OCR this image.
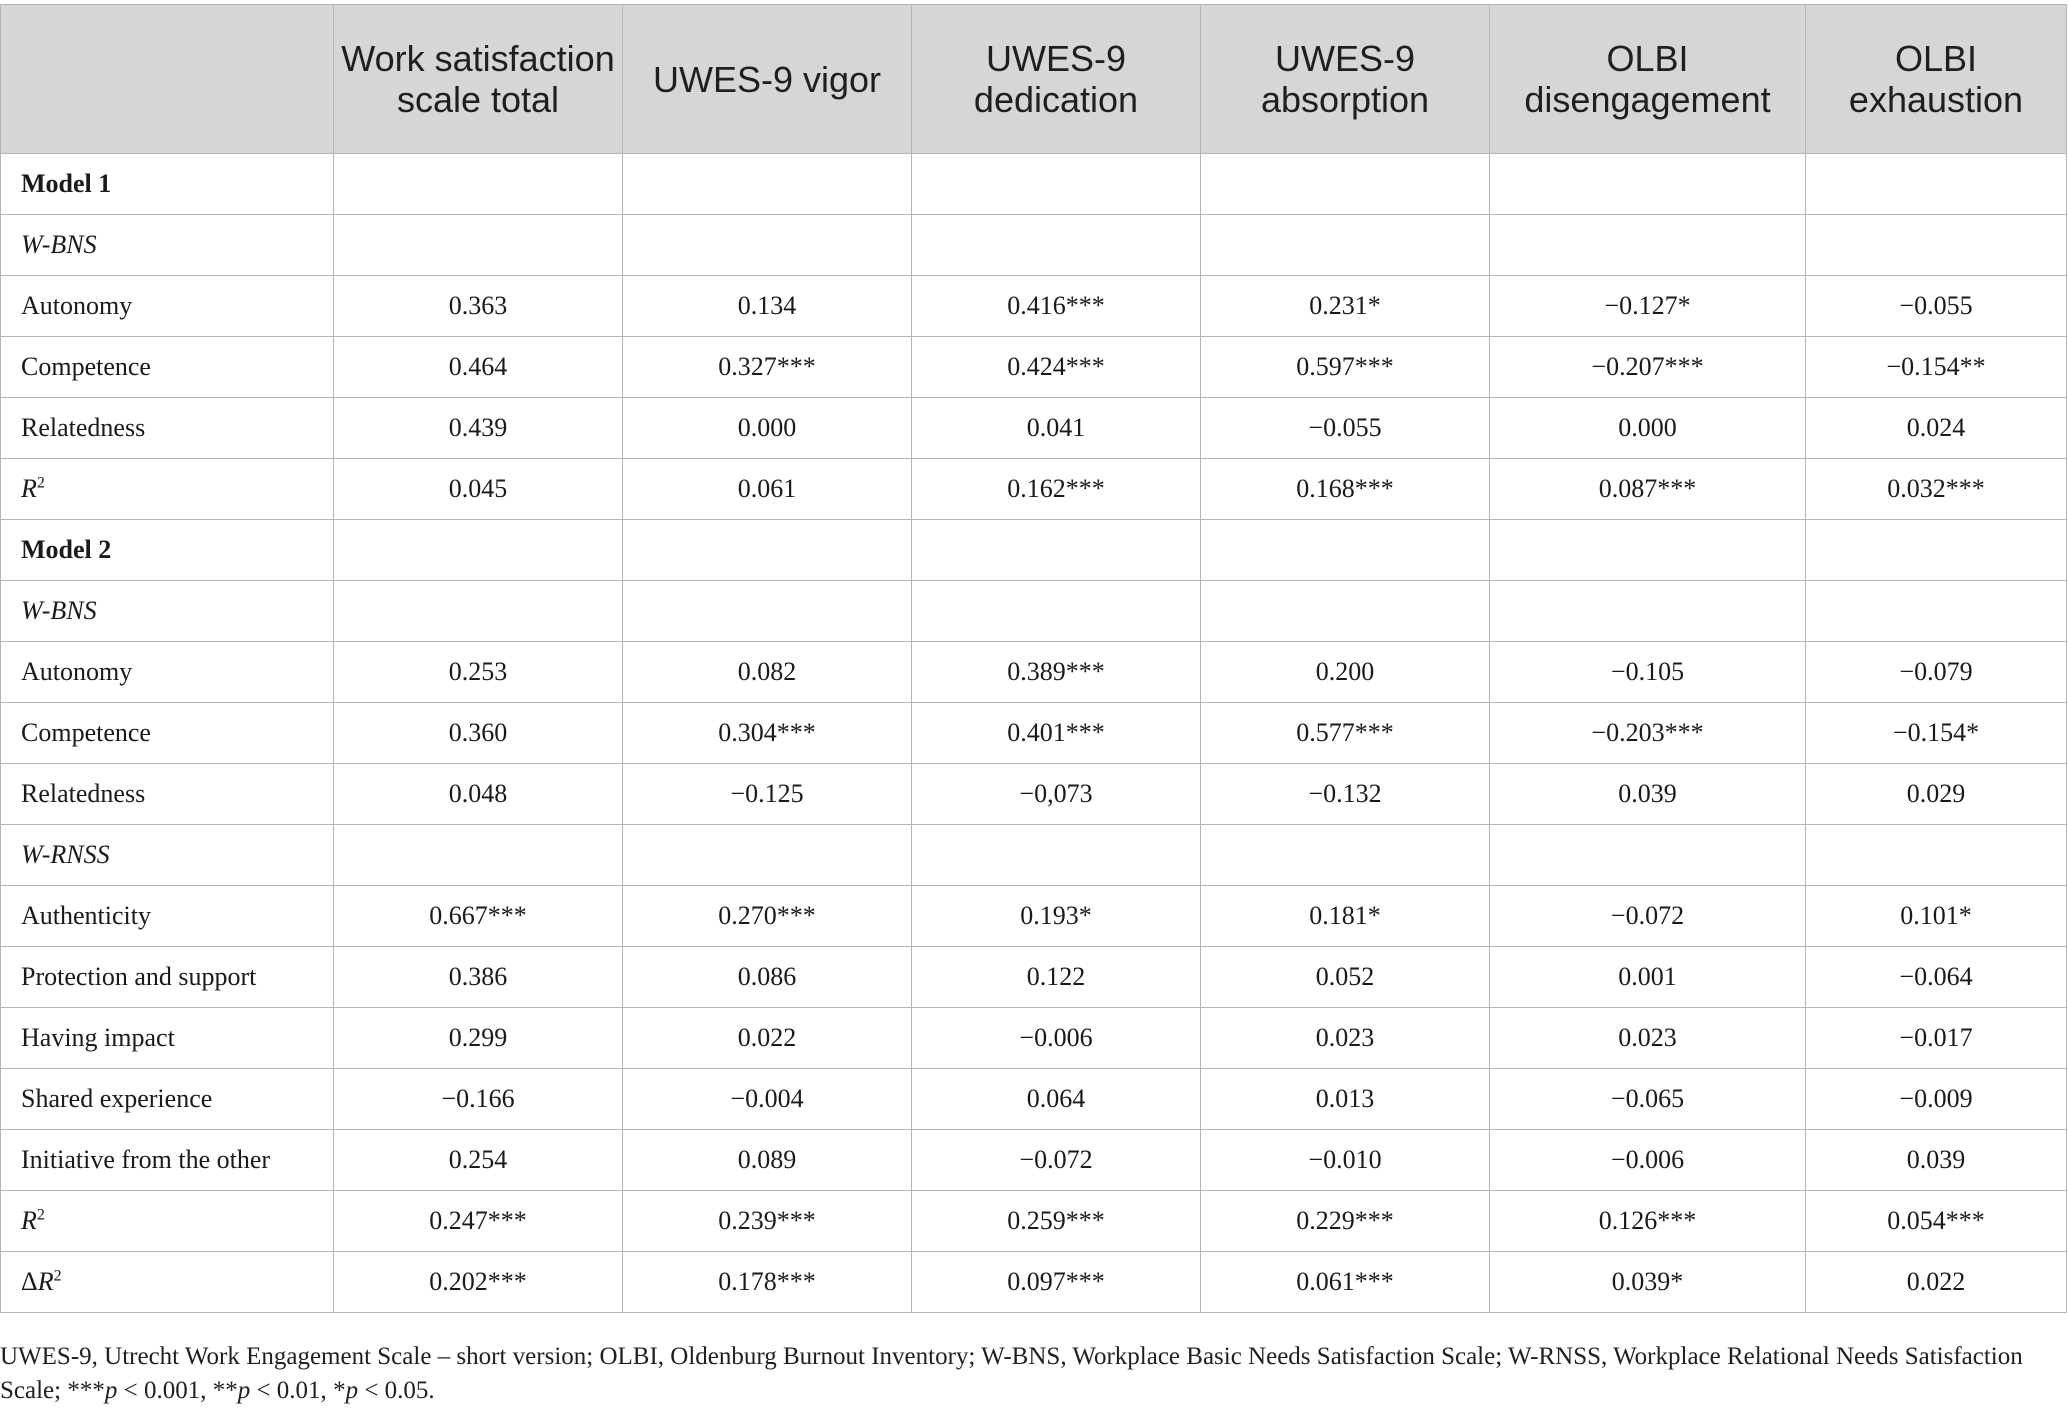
	Work satisfaction scale total	UWES-9 vigor	UWES-9 dedication	UWES-9 absorption	OLBI disengagement	OLBI exhaustion
Model 1						
W-BNS						
Autonomy	0.363	0.134	0.416***	0.231*	−0.127*	−0.055
Competence	0.464	0.327***	0.424***	0.597***	−0.207***	−0.154**
Relatedness	0.439	0.000	0.041	−0.055	0.000	0.024
$R^2$	0.045	0.061	0.162***	0.168***	0.087***	0.032***
Model 2						
W-BNS						
Autonomy	0.253	0.082	0.389***	0.200	−0.105	−0.079
Competence	0.360	0.304***	0.401***	0.577***	−0.203***	−0.154*
Relatedness	0.048	−0.125	−0,073	−0.132	0.039	0.029
W-RNSS						
Authenticity	0.667***	0.270***	0.193*	0.181*	−0.072	0.101*
Protection and support	0.386	0.086	0.122	0.052	0.001	−0.064
Having impact	0.299	0.022	−0.006	0.023	0.023	−0.017
Shared experience	−0.166	−0.004	0.064	0.013	−0.065	−0.009
Initiative from the other	0.254	0.089	−0.072	−0.010	−0.006	0.039
$R^2$	0.247***	0.239***	0.259***	0.229***	0.126***	0.054***
$\Delta R^2$	0.202***	0.178***	0.097***	0.061***	0.039*	0.022
UWES-9, Utrecht Work Engagement Scale – short version; OLBI, Oldenburg Burnout Inventory; W-BNS, Workplace Basic Needs Satisfaction Scale; W-RNSS, Workplace Relational Needs Satisfaction Scale; ***p < 0.001, **p < 0.01, *p < 0.05.
